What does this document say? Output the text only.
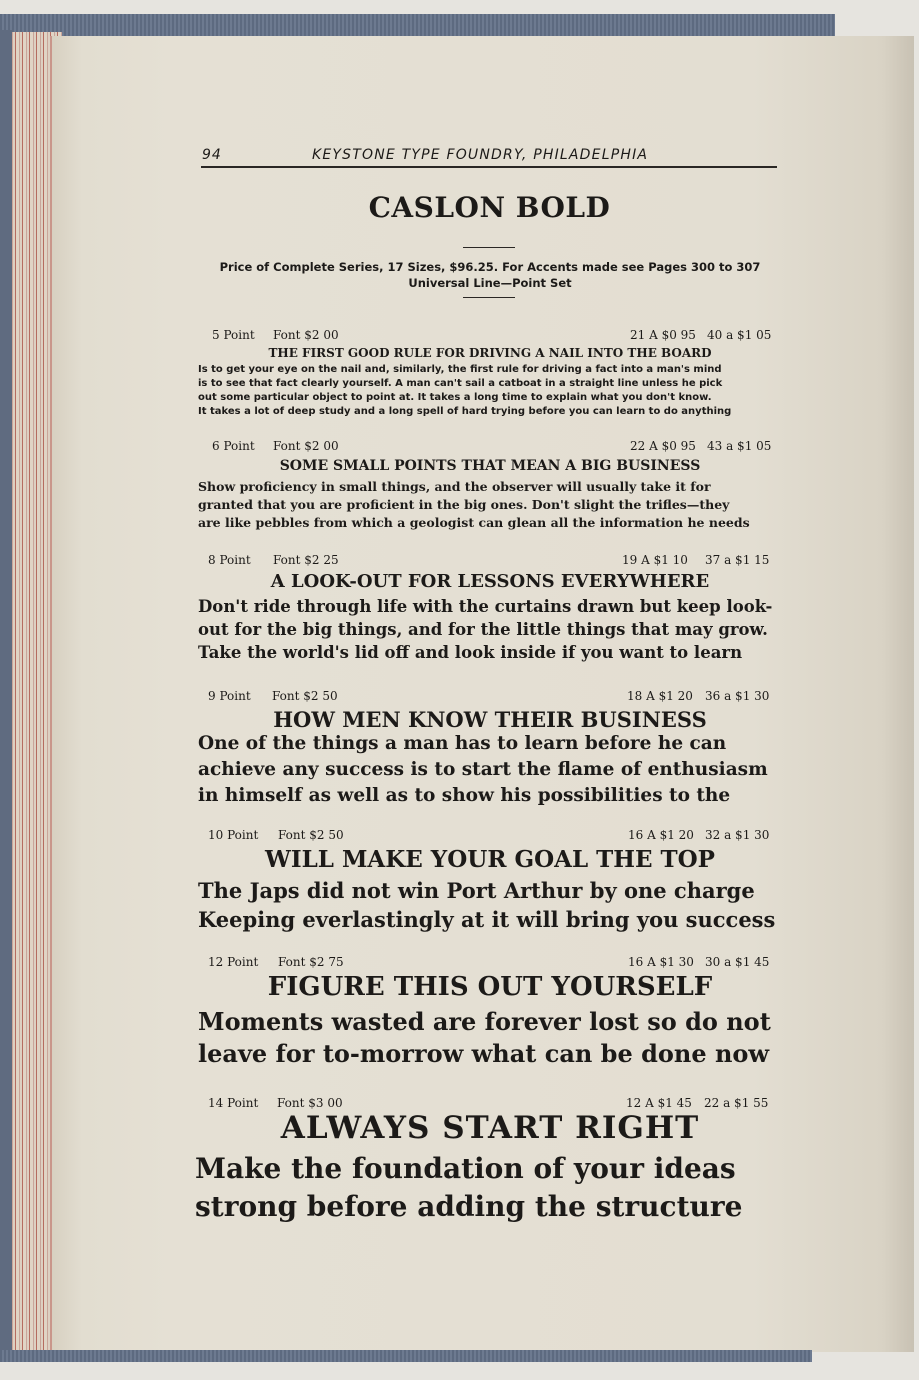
94	KEYSTONE TYPE FOUNDRY, PHILADELPHIA
CASLON BOLD
Price of Complete Series, 17 Sizes, $96.25. For Accents made see Pages 300 to 307
Universal Line—Point Set
5 Point Font $2 00	21 A $0 95 40 a $1 05
THE FIRST GOOD RULE FOR DRIVING A NAIL INTO THE BOARD
Is to get your eye on the nail and, similarly, the first rule for driving a fact into a man's mind
is to see that fact clearly yourself. A man can't sail a catboat in a straight line unless he pick
out some particular object to point at. It takes a long time to explain what you don't know.
It takes a lot of deep study and a long spell of hard trying before you can learn to do anything
6 Point Font $2 00	22 A $0 95 43 a $1 05
SOME SMALL POINTS THAT MEAN A BIG BUSINESS
Show proficiency in small things, and the observer will usually take it for
granted that you are proficient in the big ones. Don't slight the trifles—they
are like pebbles from which a geologist can glean all the information he needs
8 Point Font $2 25	19 A $1 10 37 a $1 15
A LOOK-OUT FOR LESSONS EVERYWHERE
Don't ride through life with the curtains drawn but keep look-
out for the big things, and for the little things that may grow.
Take the world's lid off and look inside if you want to learn
9 Point Font $2 50	18 A $1 20 36 a $1 30
HOW MEN KNOW THEIR BUSINESS
One of the things a man has to learn before he can
achieve any success is to start the flame of enthusiasm
in himself as well as to show his possibilities to the
10 Point Font $2 50	16 A $1 20 32 a $1 30
WILL MAKE YOUR GOAL THE TOP
The Japs did not win Port Arthur by one charge
Keeping everlastingly at it will bring you success
12 Point Font $2 75	16 A $1 30 30 a $1 45
FIGURE THIS OUT YOURSELF
Moments wasted are forever lost so do not
leave for to-morrow what can be done now
14 Point Font $3 00	12 A $1 45 22 a $1 55
ALWAYS START RIGHT
Make the foundation of your ideas
strong before adding the structure
